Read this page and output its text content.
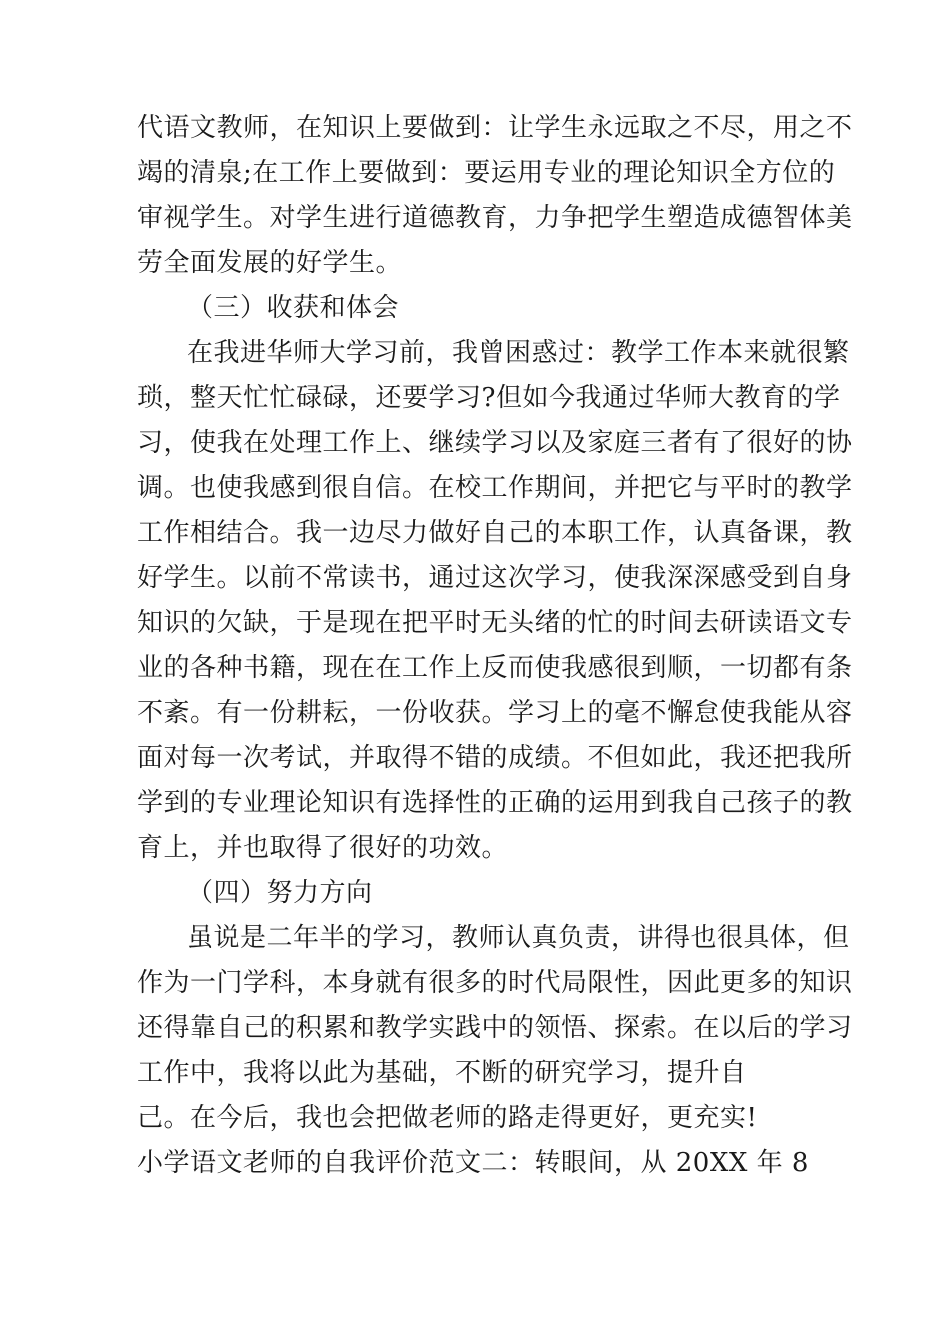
代语文教师，在知识上要做到：让学生永远取之不尽，用之不
竭的清泉;在工作上要做到：要运用专业的理论知识全方位的
审视学生。对学生进行道德教育，力争把学生塑造成德智体美
劳全面发展的好学生。
（三）收获和体会
在我进华师大学习前，我曾困惑过：教学工作本来就很繁
琐，整天忙忙碌碌，还要学习?但如今我通过华师大教育的学
习，使我在处理工作上、继续学习以及家庭三者有了很好的协
调。也使我感到很自信。在校工作期间，并把它与平时的教学
工作相结合。我一边尽力做好自己的本职工作，认真备课，教
好学生。以前不常读书，通过这次学习，使我深深感受到自身
知识的欠缺，于是现在把平时无头绪的忙的时间去研读语文专
业的各种书籍，现在在工作上反而使我感很到顺，一切都有条
不紊。有一份耕耘，一份收获。学习上的毫不懈怠使我能从容
面对每一次考试，并取得不错的成绩。不但如此，我还把我所
学到的专业理论知识有选择性的正确的运用到我自己孩子的教
育上，并也取得了很好的功效。
（四）努力方向
虽说是二年半的学习，教师认真负责，讲得也很具体，但
作为一门学科，本身就有很多的时代局限性，因此更多的知识
还得靠自己的积累和教学实践中的领悟、探索。在以后的学习
工作中，我将以此为基础，不断的研究学习，提升自
己。在今后，我也会把做老师的路走得更好，更充实!
小学语文老师的自我评价范文二：转眼间，从 20XX 年 8
